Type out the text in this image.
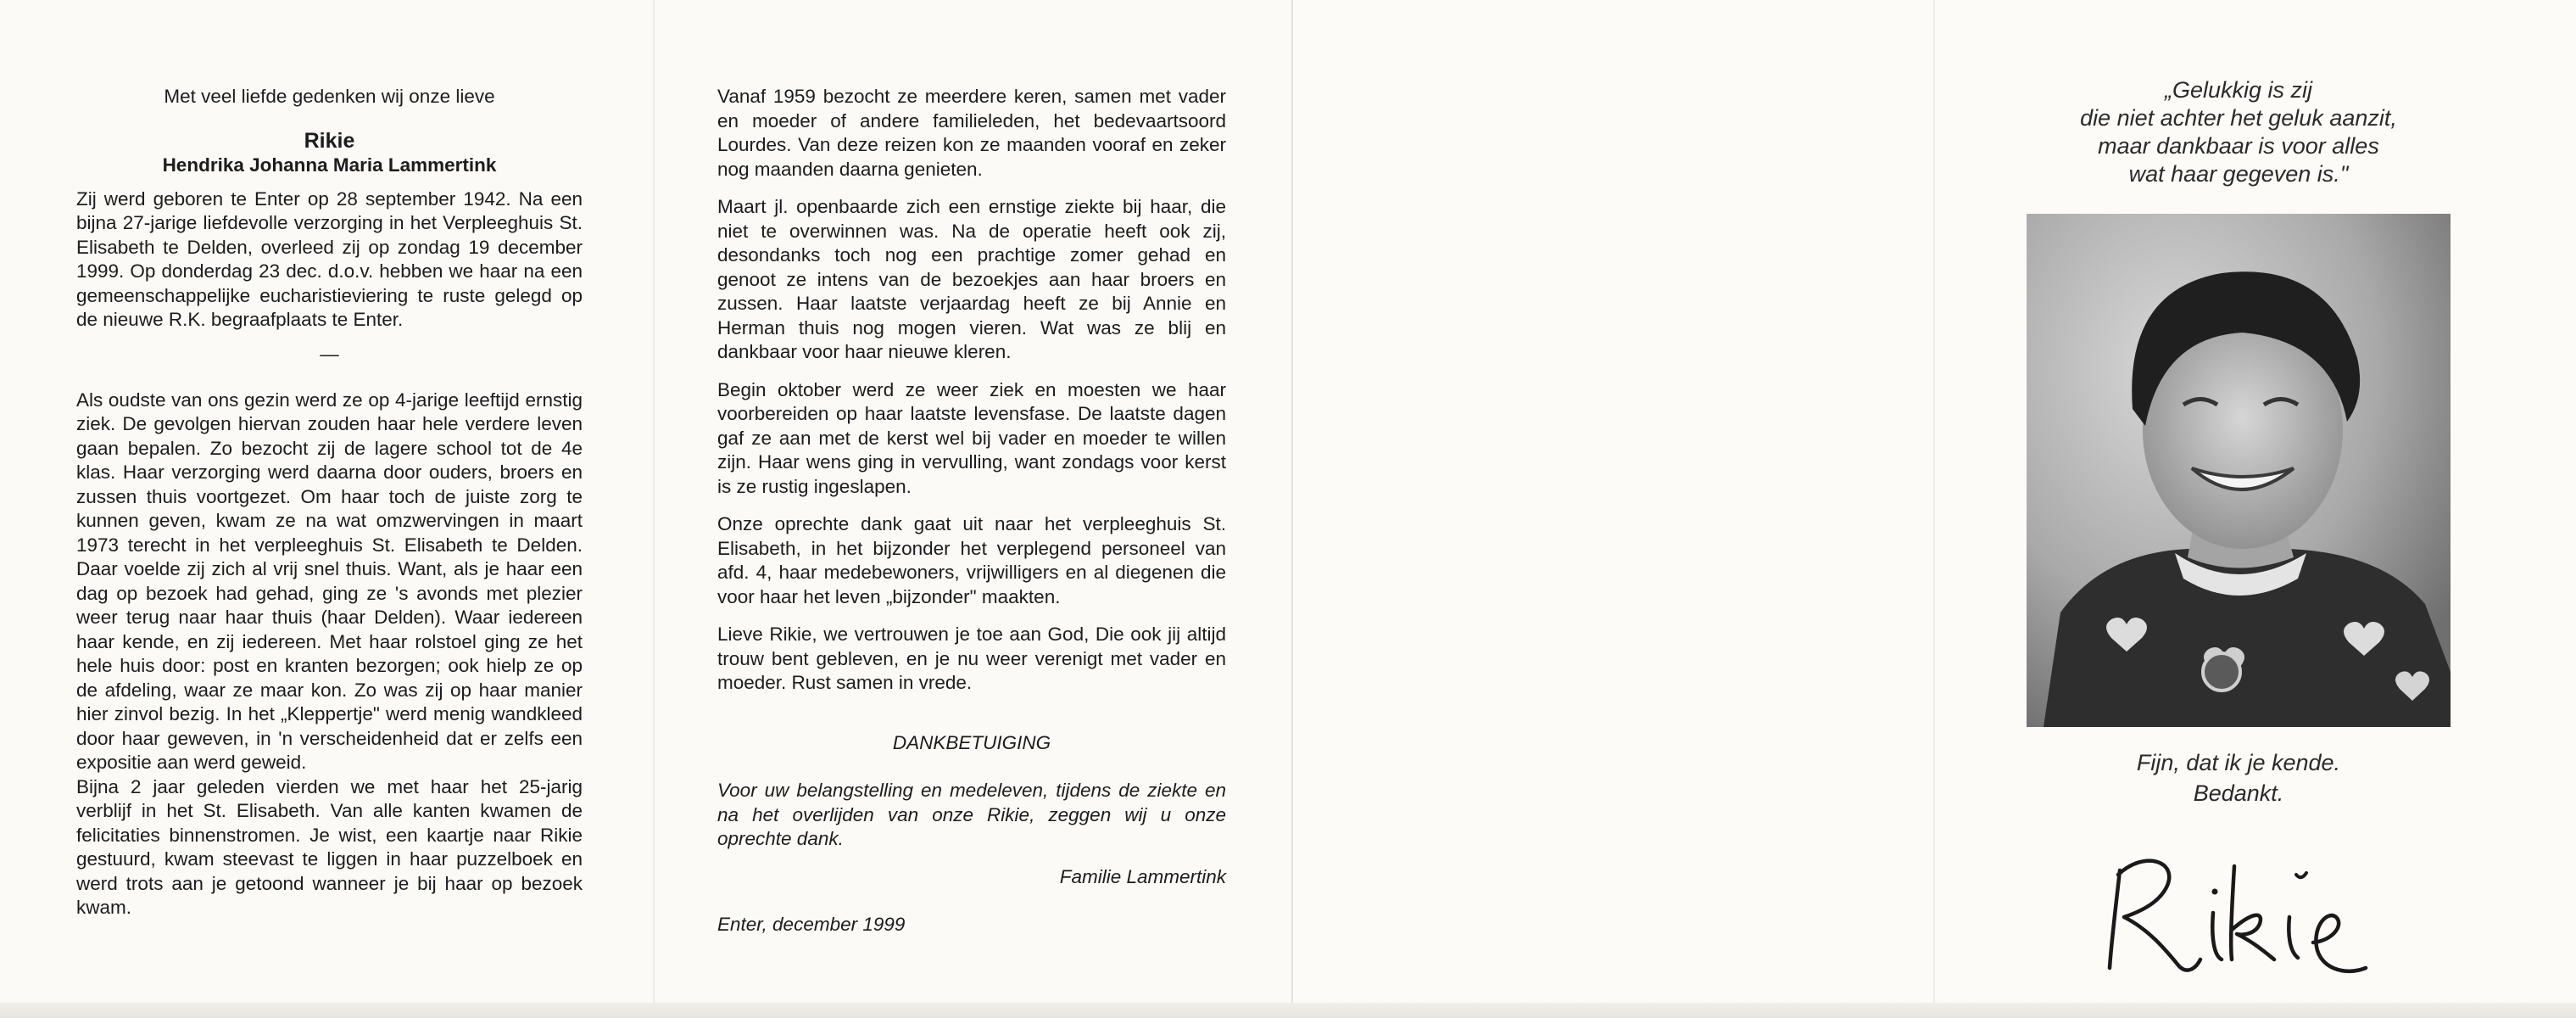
Met veel liefde gedenken wij onze lieve

Rikie
Hendrika Johanna Maria Lammertink

Zij werd geboren te Enter op 28 september 1942. Na een bijna 27-jarige liefdevolle verzorging in het Verpleeghuis St. Elisabeth te Delden, overleed zij op zondag 19 december 1999. Op donderdag 23 dec. d.o.v. hebben we haar na een gemeenschappelijke eucharistieviering te ruste gelegd op de nieuwe R.K. begraafplaats te Enter.

—

Als oudste van ons gezin werd ze op 4-jarige leeftijd ernstig ziek. De gevolgen hiervan zouden haar hele verdere leven gaan bepalen. Zo bezocht zij de lagere school tot de 4e klas. Haar verzorging werd daarna door ouders, broers en zussen thuis voortgezet. Om haar toch de juiste zorg te kunnen geven, kwam ze na wat omzwervingen in maart 1973 terecht in het verpleeghuis St. Elisabeth te Delden. Daar voelde zij zich al vrij snel thuis. Want, als je haar een dag op bezoek had gehad, ging ze 's avonds met plezier weer terug naar haar thuis (haar Delden). Waar iedereen haar kende, en zij iedereen. Met haar rolstoel ging ze het hele huis door: post en kranten bezorgen; ook hielp ze op de afdeling, waar ze maar kon. Zo was zij op haar manier hier zinvol bezig. In het „Kleppertje" werd menig wandkleed door haar geweven, in 'n verscheidenheid dat er zelfs een expositie aan werd geweid.

Bijna 2 jaar geleden vierden we met haar het 25-jarig verblijf in het St. Elisabeth. Van alle kanten kwamen de felicitaties binnenstromen. Je wist, een kaartje naar Rikie gestuurd, kwam steevast te liggen in haar puzzelboek en werd trots aan je getoond wanneer je bij haar op bezoek kwam.

Vanaf 1959 bezocht ze meerdere keren, samen met vader en moeder of andere familieleden, het bedevaartsoord Lourdes. Van deze reizen kon ze maanden vooraf en zeker nog maanden daarna genieten.

Maart jl. openbaarde zich een ernstige ziekte bij haar, die niet te overwinnen was. Na de operatie heeft ook zij, desondanks toch nog een prachtige zomer gehad en genoot ze intens van de bezoekjes aan haar broers en zussen. Haar laatste verjaardag heeft ze bij Annie en Herman thuis nog mogen vieren. Wat was ze blij en dankbaar voor haar nieuwe kleren.

Begin oktober werd ze weer ziek en moesten we haar voorbereiden op haar laatste levensfase. De laatste dagen gaf ze aan met de kerst wel bij vader en moeder te willen zijn. Haar wens ging in vervulling, want zondags voor kerst is ze rustig ingeslapen.

Onze oprechte dank gaat uit naar het verpleeghuis St. Elisabeth, in het bijzonder het verplegend personeel van afd. 4, haar medebewoners, vrijwilligers en al diegenen die voor haar het leven „bijzonder" maakten.

Lieve Rikie, we vertrouwen je toe aan God, Die ook jij altijd trouw bent gebleven, en je nu weer verenigt met vader en moeder. Rust samen in vrede.

DANKBETUIGING

Voor uw belangstelling en medeleven, tijdens de ziekte en na het overlijden van onze Rikie, zeggen wij u onze oprechte dank.

Familie Lammertink

Enter, december 1999

„Gelukkig is zij
die niet achter het geluk aanzit,
maar dankbaar is voor alles
wat haar gegeven is."
Fijn, dat ik je kende.
Bedankt.
